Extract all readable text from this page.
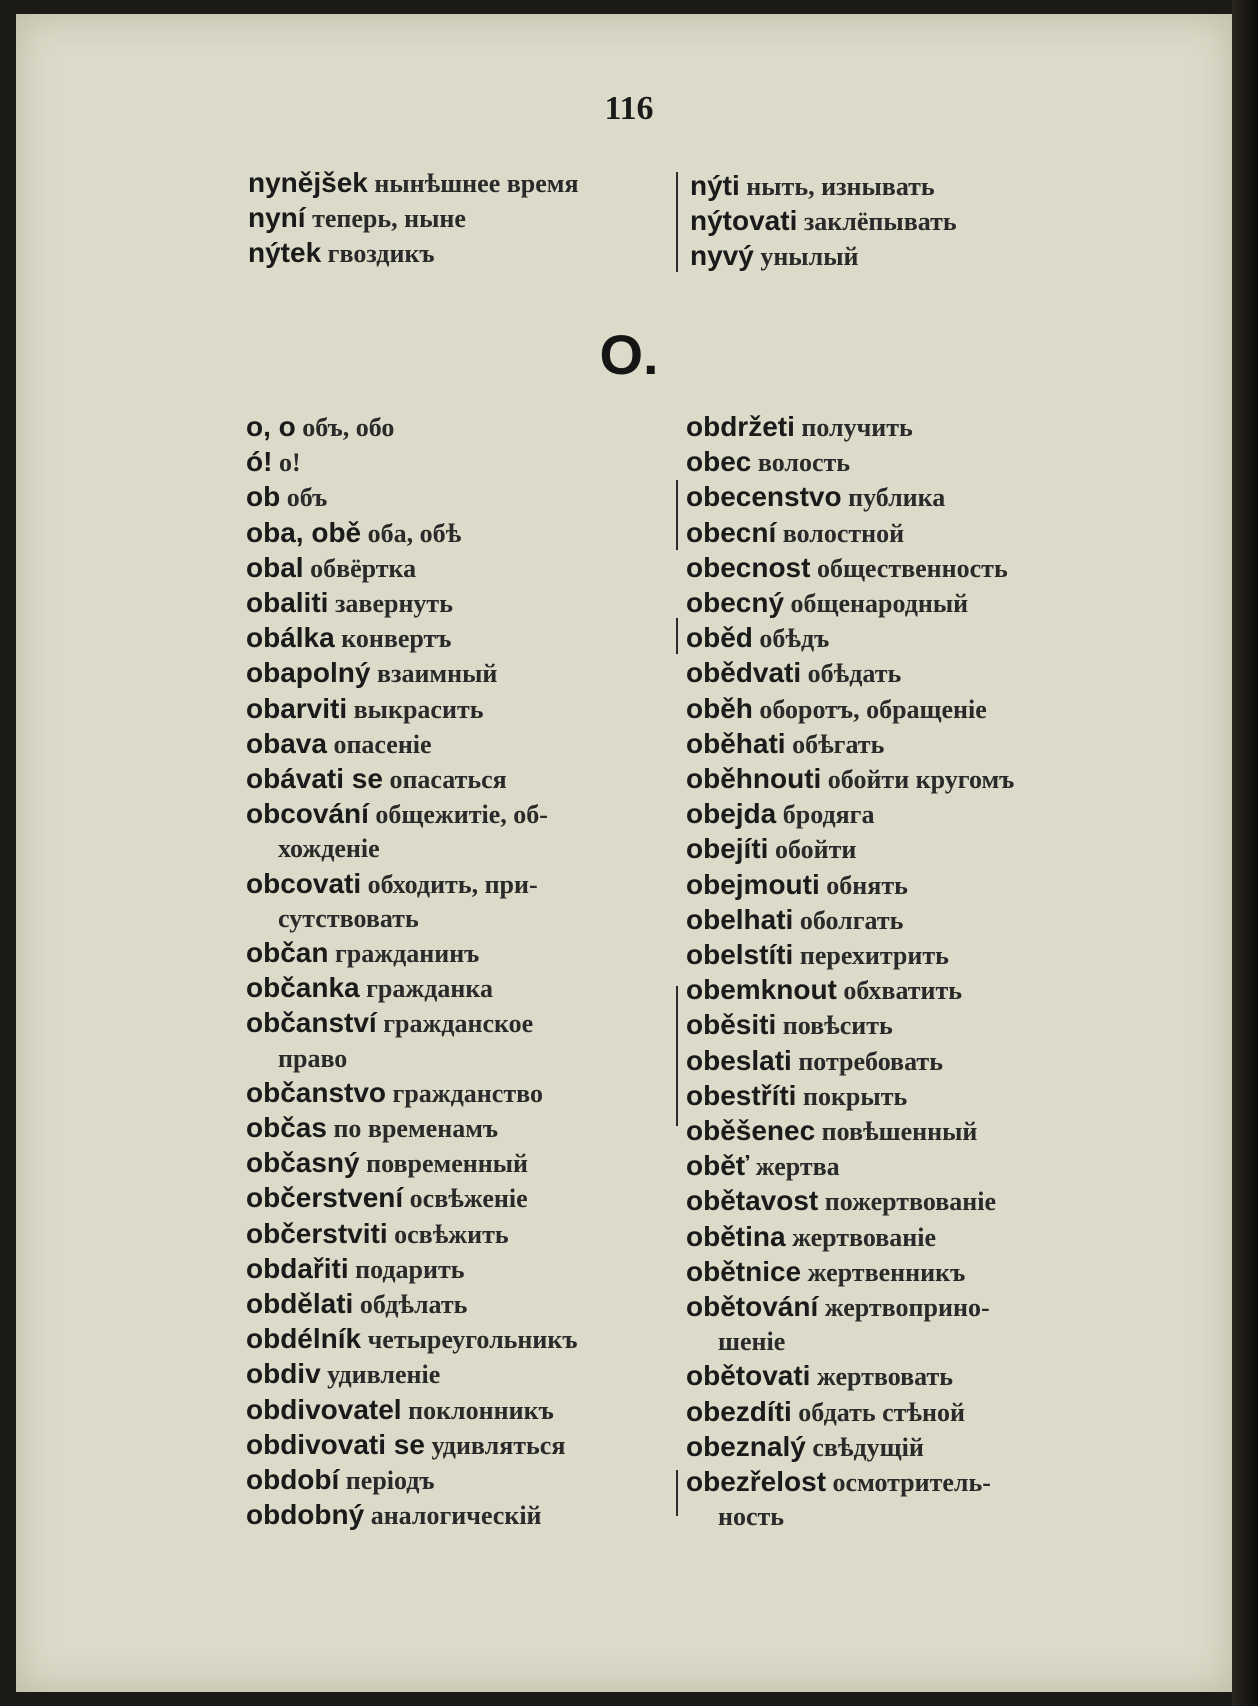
116
nynějšek нынѣшнее время
nyní теперь, ныне
nýtek гвоздикъ
nýti ныть, изнывать
nýtovati заклёпывать
nyvý унылый
O.
o, o объ, обо
ó! о!
ob объ
oba, obě оба, обѣ
obal обвёртка
obaliti завернуть
obálka конвертъ
obapolný взаимный
obarviti выкрасить
obava опасеніе
obávati se опасаться
obcování общежитіе, об-
хожденіе
obcovati обходить, при-
сутствовать
občan гражданинъ
občanka гражданка
občanství гражданское
право
občanstvo гражданство
občas по временамъ
občasný повременный
občerstvení освѣженіе
občerstviti освѣжить
obdařiti подарить
obdělati обдѣлать
obdélník четыреугольникъ
obdiv удивленіе
obdivovatel поклонникъ
obdivovati se удивляться
období періодъ
obdobný аналогическій
obdržeti получить
obec волость
obecenstvo публика
obecní волостной
obecnost общественность
obecný общенародный
oběd обѣдъ
obědvati обѣдать
oběh оборотъ, обращеніе
oběhati обѣгать
oběhnouti обойти кругомъ
obejda бродяга
obejíti обойти
obejmouti обнять
obelhati оболгать
obelstíti перехитрить
obemknout обхватить
oběsiti повѣсить
obeslati потребовать
obestříti покрыть
oběšenec повѣшенный
oběť жертва
obětavost пожертвованіе
obětina жертвованіе
obětnice жертвенникъ
obětování жертвоприно-
шеніе
obětovati жертвовать
obezdíti обдать стѣной
obeznalý свѣдущій
obezřelost осмотритель-
ность
